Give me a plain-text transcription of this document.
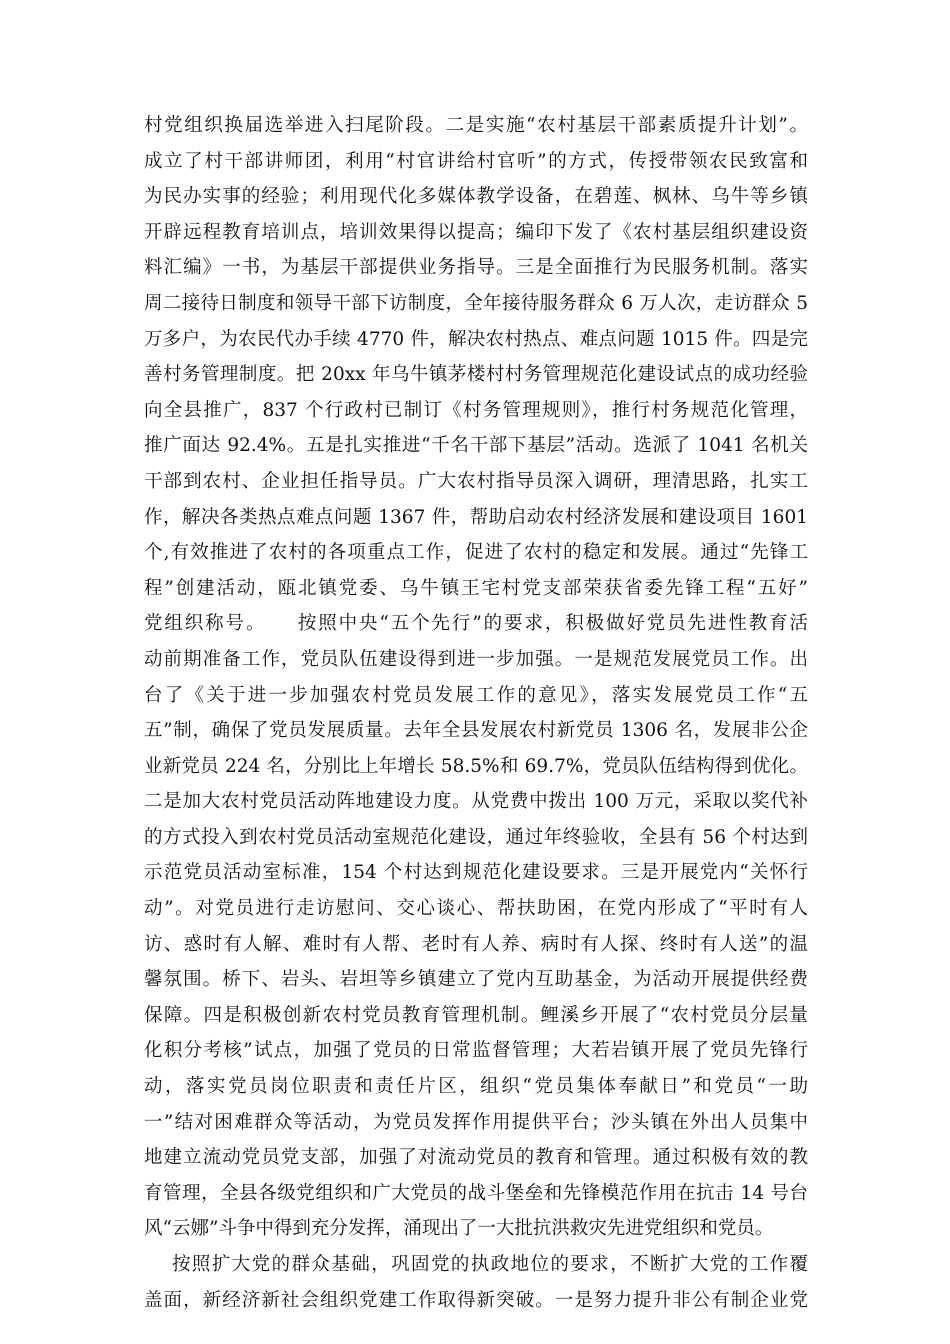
村党组织换届选举进入扫尾阶段。二是实施“农村基层干部素质提升计划”。
成立了村干部讲师团，利用“村官讲给村官听”的方式，传授带领农民致富和
为民办实事的经验；利用现代化多媒体教学设备，在碧莲、枫林、乌牛等乡镇
开辟远程教育培训点，培训效果得以提高；编印下发了《农村基层组织建设资
料汇编》一书，为基层干部提供业务指导。三是全面推行为民服务机制。落实
周二接待日制度和领导干部下访制度，全年接待服务群众 6 万人次，走访群众 5
万多户，为农民代办手续 4770 件，解决农村热点、难点问题 1015 件。四是完
善村务管理制度。把 20xx 年乌牛镇茅楼村村务管理规范化建设试点的成功经验
向全县推广，837 个行政村已制订《村务管理规则》，推行村务规范化管理，
推广面达 92.4%。五是扎实推进“千名干部下基层”活动。选派了 1041 名机关
干部到农村、企业担任指导员。广大农村指导员深入调研，理清思路，扎实工
作，解决各类热点难点问题 1367 件，帮助启动农村经济发展和建设项目 1601
个,有效推进了农村的各项重点工作，促进了农村的稳定和发展。通过“先锋工
程”创建活动，瓯北镇党委、乌牛镇王宅村党支部荣获省委先锋工程“五好”
党组织称号。　　按照中央“五个先行”的要求，积极做好党员先进性教育活
动前期准备工作，党员队伍建设得到进一步加强。一是规范发展党员工作。出
台了《关于进一步加强农村党员发展工作的意见》，落实发展党员工作“五
五”制，确保了党员发展质量。去年全县发展农村新党员 1306 名，发展非公企
业新党员 224 名，分别比上年增长 58.5%和 69.7%，党员队伍结构得到优化。
二是加大农村党员活动阵地建设力度。从党费中拨出 100 万元，采取以奖代补
的方式投入到农村党员活动室规范化建设，通过年终验收，全县有 56 个村达到
示范党员活动室标准，154 个村达到规范化建设要求。三是开展党内“关怀行
动”。对党员进行走访慰问、交心谈心、帮扶助困，在党内形成了“平时有人
访、惑时有人解、难时有人帮、老时有人养、病时有人探、终时有人送”的温
馨氛围。桥下、岩头、岩坦等乡镇建立了党内互助基金，为活动开展提供经费
保障。四是积极创新农村党员教育管理机制。鲤溪乡开展了“农村党员分层量
化积分考核”试点，加强了党员的日常监督管理；大若岩镇开展了党员先锋行
动，落实党员岗位职责和责任片区，组织“党员集体奉献日”和党员“一助
一”结对困难群众等活动，为党员发挥作用提供平台；沙头镇在外出人员集中
地建立流动党员党支部，加强了对流动党员的教育和管理。通过积极有效的教
育管理，全县各级党组织和广大党员的战斗堡垒和先锋模范作用在抗击 14 号台
风“云娜”斗争中得到充分发挥，涌现出了一大批抗洪救灾先进党组织和党员。
按照扩大党的群众基础，巩固党的执政地位的要求，不断扩大党的工作覆
盖面，新经济新社会组织党建工作取得新突破。一是努力提升非公有制企业党
